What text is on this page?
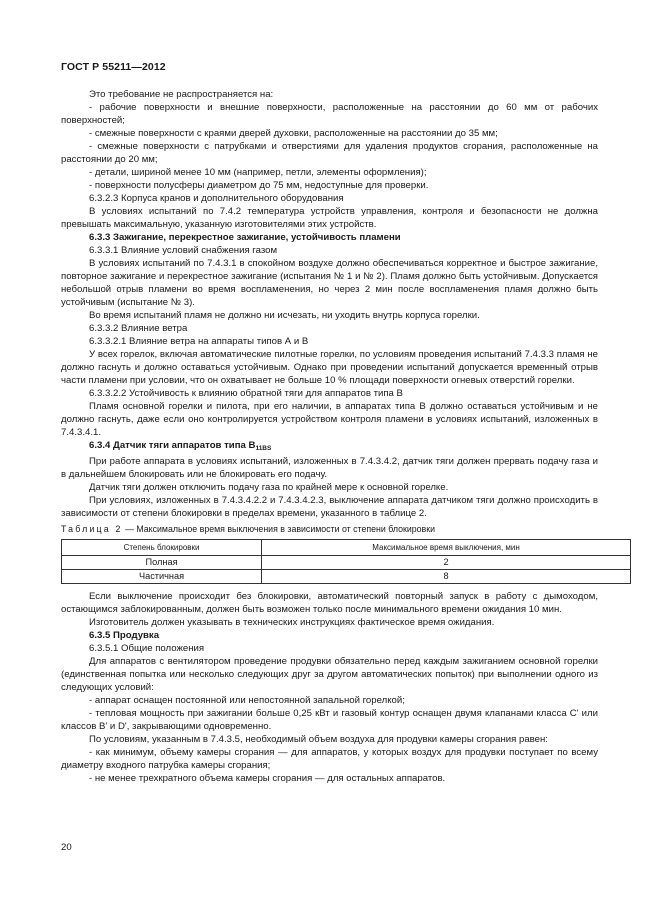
ГОСТ Р 55211—2012

Это требование не распространяется на:

- рабочие поверхности и внешние поверхности, расположенные на расстоянии до 60 мм от рабочих поверхностей;

- смежные поверхности с краями дверей духовки, расположенные на расстоянии до 35 мм;

- смежные поверхности с патрубками и отверстиями для удаления продуктов сгорания, расположенные на расстоянии до 20 мм;

- детали, шириной менее 10 мм (например, петли, элементы оформления);

- поверхности полусферы диаметром до 75 мм, недоступные для проверки.

6.3.2.3 Корпуса кранов и дополнительного оборудования

В условиях испытаний по 7.4.2 температура устройств управления, контроля и безопасности не должна превышать максимальную, указанную изготовителями этих устройств.

6.3.3 Зажигание, перекрестное зажигание, устойчивость пламени

6.3.3.1 Влияние условий снабжения газом

В условиях испытаний по 7.4.3.1 в спокойном воздухе должно обеспечиваться корректное и быстрое зажигание, повторное зажигание и перекрестное зажигание (испытания № 1 и № 2). Пламя должно быть устойчивым. Допускается небольшой отрыв пламени во время воспламенения, но через 2 мин после воспламенения пламя должно быть устойчивым (испытание № 3).

Во время испытаний пламя не должно ни исчезать, ни уходить внутрь корпуса горелки.

6.3.3.2 Влияние ветра

6.3.3.2.1 Влияние ветра на аппараты типов А и В

У всех горелок, включая автоматические пилотные горелки, по условиям проведения испытаний 7.4.3.3 пламя не должно гаснуть и должно оставаться устойчивым. Однако при проведении испытаний допускается временный отрыв части пламени при условии, что он охватывает не больше 10 % площади поверхности огневых отверстий горелки.

6.3.3.2.2 Устойчивость к влиянию обратной тяги для аппаратов типа В

Пламя основной горелки и пилота, при его наличии, в аппаратах типа В должно оставаться устойчивым и не должно гаснуть, даже если оно контролируется устройством контроля пламени в условиях испытаний, изложенных в 7.4.3.4.1.

6.3.4 Датчик тяги аппаратов типа $В_{11BS}$

При работе аппарата в условиях испытаний, изложенных в 7.4.3.4.2, датчик тяги должен прервать подачу газа и в дальнейшем блокировать или не блокировать его подачу.

Датчик тяги должен отключить подачу газа по крайней мере к основной горелке.

При условиях, изложенных в 7.4.3.4.2.2 и 7.4.3.4.2.3, выключение аппарата датчиком тяги должно происходить в зависимости от степени блокировки в пределах времени, указанного в таблице 2.

Таблица 2 — Максимальное время выключения в зависимости от степени блокировки
Степень блокировки	Максимальное время выключения, мин
Полная	2
Частичная	8

Если выключение происходит без блокировки, автоматический повторный запуск в работу с дымоходом, остающимся заблокированным, должен быть возможен только после минимального времени ожидания 10 мин.

Изготовитель должен указывать в технических инструкциях фактическое время ожидания.

6.3.5 Продувка

6.3.5.1 Общие положения

Для аппаратов с вентилятором проведение продувки обязательно перед каждым зажиганием основной горелки (единственная попытка или несколько следующих друг за другом автоматических попыток) при выполнении одного из следующих условий:

- аппарат оснащен постоянной или непостоянной запальной горелкой;

- тепловая мощность при зажигании больше 0,25 кВт и газовый контур оснащен двумя клапанами класса С' или классов В' и D', закрывающими одновременно.

По условиям, указанным в 7.4.3.5, необходимый объем воздуха для продувки камеры сгорания равен:

- как минимум, объему камеры сгорания — для аппаратов, у которых воздух для продувки поступает по всему диаметру входного патрубка камеры сгорания;

- не менее трехкратного объема камеры сгорания — для остальных аппаратов.

20
